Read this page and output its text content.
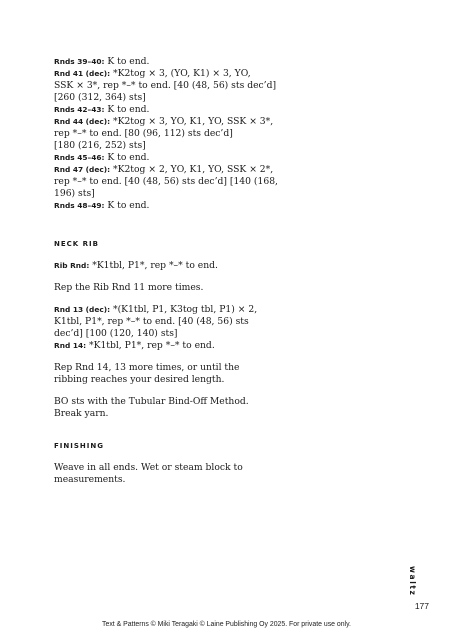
Rnds 39–40: K to end.

Rnd 41 (dec): *K2tog × 3, (YO, K1) × 3, YO,

SSK × 3*, rep *–* to end. [40 (48, 56) sts dec’d]

[260 (312, 364) sts]

Rnds 42–43: K to end.

Rnd 44 (dec): *K2tog × 3, YO, K1, YO, SSK × 3*,

rep *–* to end. [80 (96, 112) sts dec’d]

[180 (216, 252) sts]

Rnds 45–46: K to end.

Rnd 47 (dec): *K2tog × 2, YO, K1, YO, SSK × 2*,

rep *–* to end. [40 (48, 56) sts dec’d] [140 (168,

196) sts]

Rnds 48–49: K to end.

NECK RIB

Rib Rnd: *K1tbl, P1*, rep *–* to end.

Rep the Rib Rnd 11 more times.

Rnd 13 (dec): *(K1tbl, P1, K3tog tbl, P1) × 2,

K1tbl, P1*, rep *–* to end. [40 (48, 56) sts

dec’d] [100 (120, 140) sts]

Rnd 14: *K1tbl, P1*, rep *–* to end.

Rep Rnd 14, 13 more times, or until the

ribbing reaches your desired length.

BO sts with the Tubular Bind-Off Method.

Break yarn.

FINISHING

Weave in all ends. Wet or steam block to

measurements.

waltz
177
Text & Patterns © Miki Teragaki © Laine Publishing Oy 2025. For private use only.
